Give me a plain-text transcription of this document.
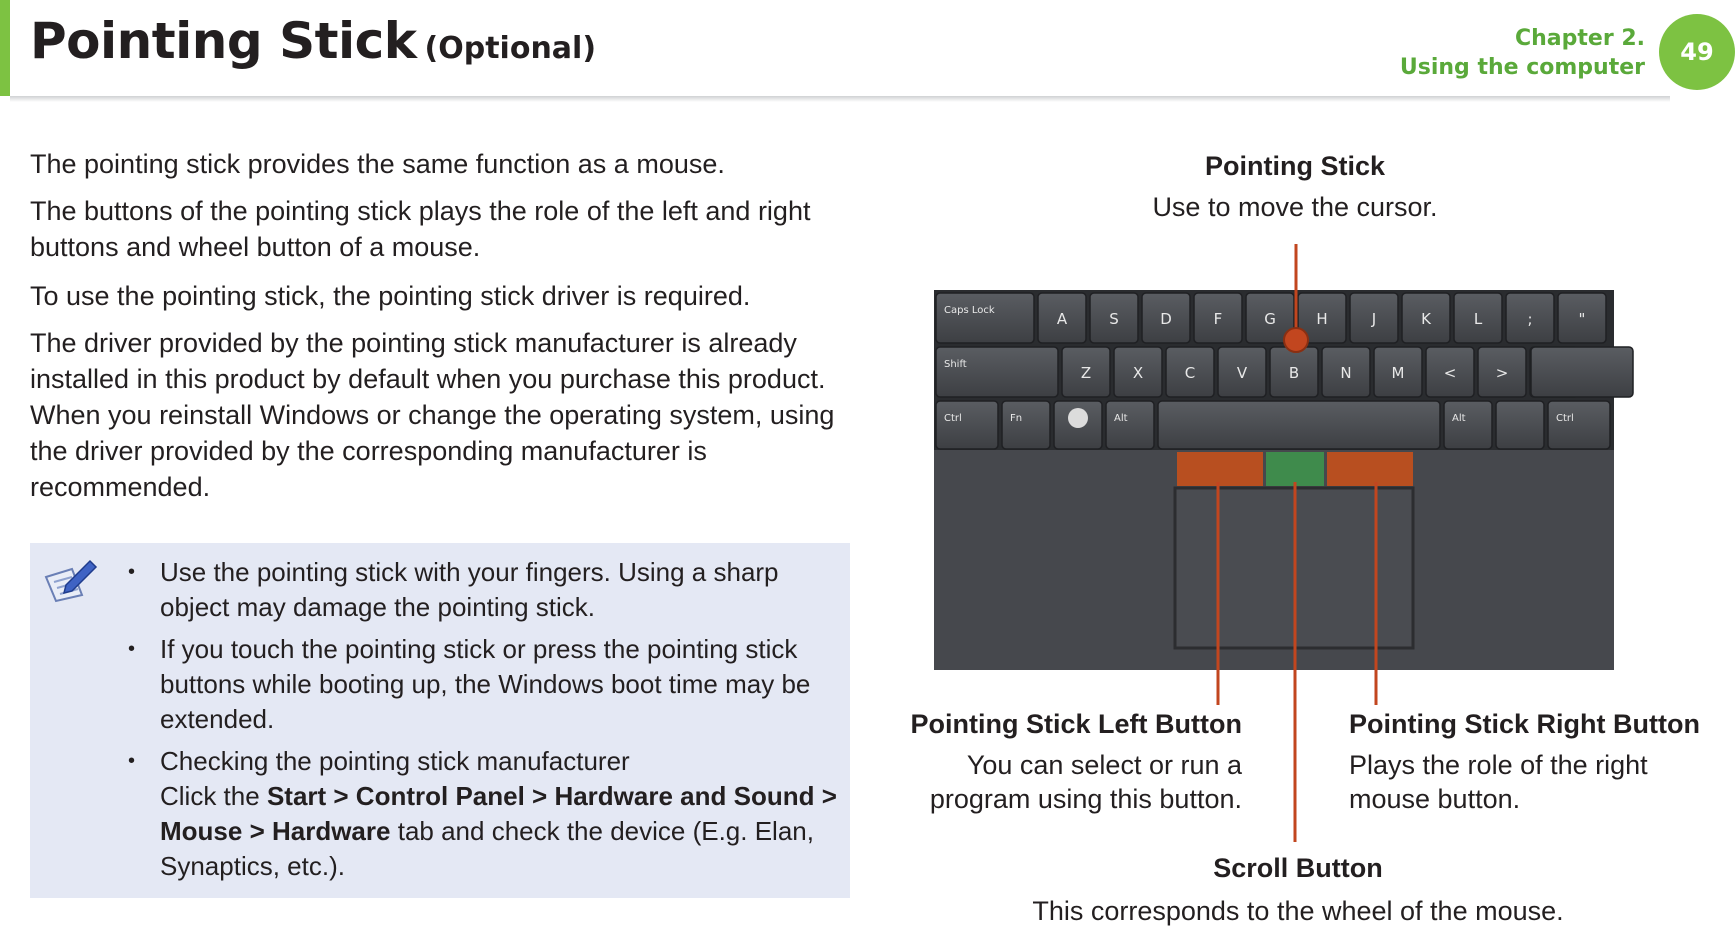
Pointing Stick (Optional)	Chapter 2.
Using the computer
49

The pointing stick provides the same function as a mouse.

The buttons of the pointing stick plays the role of the left and right buttons and wheel button of a mouse.

To use the pointing stick, the pointing stick driver is required.

The driver provided by the pointing stick manufacturer is already installed in this product by default when you purchase this product. When you reinstall Windows or change the operating system, using the driver provided by the corresponding manufacturer is recommended.

• Use the pointing stick with your fingers. Using a sharp object may damage the pointing stick.
• If you touch the pointing stick or press the pointing stick buttons while booting up, the Windows boot time may be extended.
• Checking the pointing stick manufacturer
Click the Start > Control Panel > Hardware and Sound > Mouse > Hardware tab and check the device (E.g. Elan, Synaptics, etc.).
Caps Lock	A	S	D	F	G	H	J	K	L	;	"
Shift	Z	X	C	V	B	N	M	<	>
Ctrl	Fn	Alt	Alt	Ctrl
Pointing Stick
Use to move the cursor.
Pointing Stick Left Button
You can select or run a
program using this button.
Pointing Stick Right Button
Plays the role of the right
mouse button.
Scroll Button
This corresponds to the wheel of the mouse.
